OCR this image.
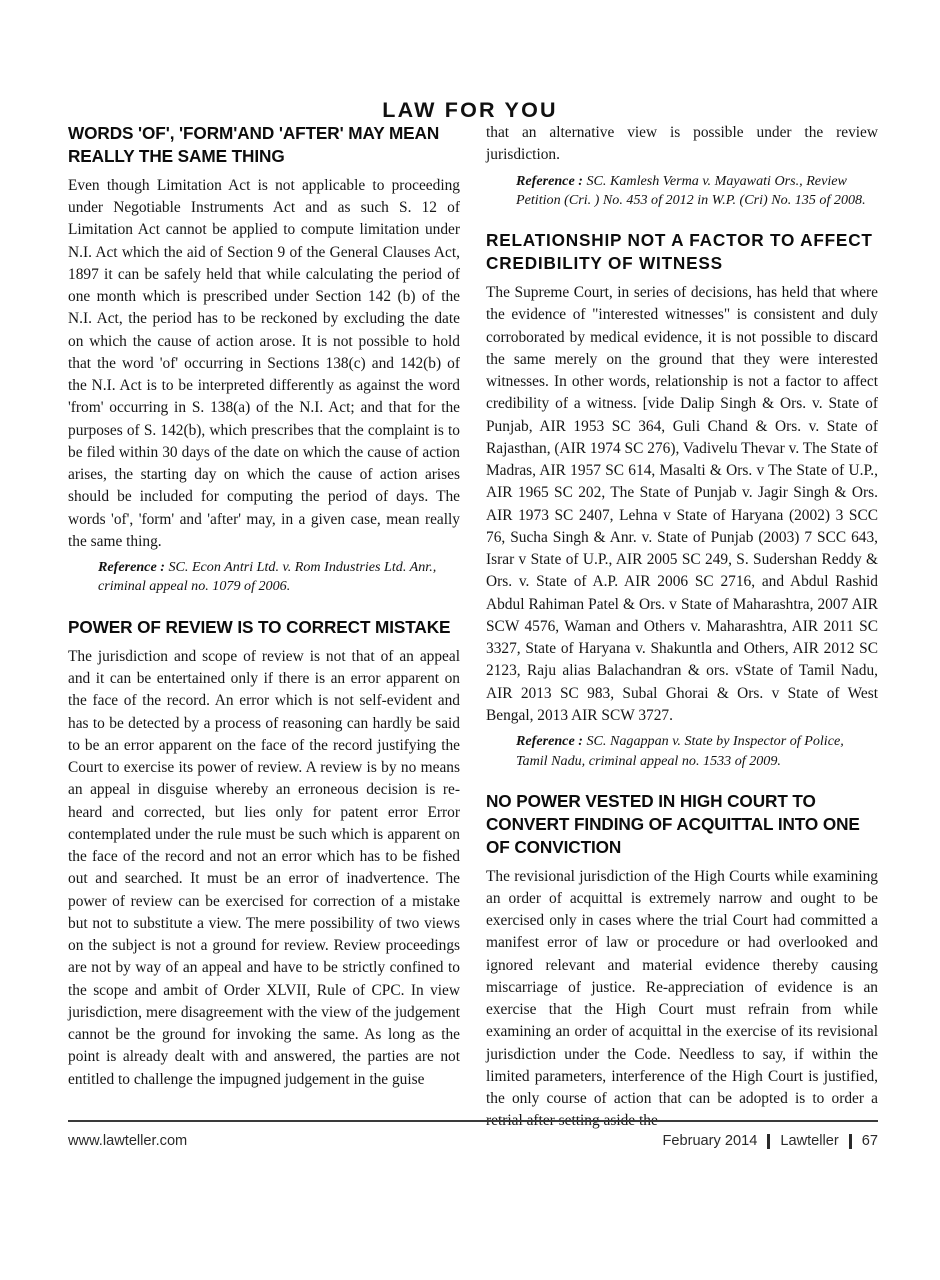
LAW FOR YOU
WORDS 'OF', 'FORM'AND 'AFTER' MAY MEAN REALLY THE SAME THING

Even though Limitation Act is not applicable to proceeding under Negotiable Instruments Act and as such S. 12 of Limitation Act cannot be applied to compute limitation under N.I. Act which the aid of Section 9 of the General Clauses Act, 1897 it can be safely held that while calculating the period of one month which is prescribed under Section 142 (b) of the N.I. Act, the period has to be reckoned by excluding the date on which the cause of action arose. It is not possible to hold that the word 'of' occurring in Sections 138(c) and 142(b) of the N.I. Act is to be interpreted differently as against the word 'from' occurring in S. 138(a) of the N.I. Act; and that for the purposes of S. 142(b), which prescribes that the complaint is to be filed within 30 days of the date on which the cause of action arises, the starting day on which the cause of action arises should be included for computing the period of days. The words 'of', 'form' and 'after' may, in a given case, mean really the same thing.

Reference : SC. Econ Antri Ltd. v. Rom Industries Ltd. Anr., criminal appeal no. 1079 of 2006.
POWER OF REVIEW IS TO CORRECT MISTAKE

The jurisdiction and scope of review is not that of an appeal and it can be entertained only if there is an error apparent on the face of the record. An error which is not self-evident and has to be detected by a process of reasoning can hardly be said to be an error apparent on the face of the record justifying the Court to exercise its power of review. A review is by no means an appeal in disguise whereby an erroneous decision is re-heard and corrected, but lies only for patent error Error contemplated under the rule must be such which is apparent on the face of the record and not an error which has to be fished out and searched. It must be an error of inadvertence. The power of review can be exercised for correction of a mistake but not to substitute a view. The mere possibility of two views on the subject is not a ground for review. Review proceedings are not by way of an appeal and have to be strictly confined to the scope and ambit of Order XLVII, Rule of CPC. In view jurisdiction, mere disagreement with the view of the judgement cannot be the ground for invoking the same. As long as the point is already dealt with and answered, the parties are not entitled to challenge the impugned judgement in the guise

that an alternative view is possible under the review jurisdiction.

Reference : SC. Kamlesh Verma v. Mayawati Ors., Review Petition (Cri. ) No. 453 of 2012 in W.P. (Cri) No. 135 of 2008.
RELATIONSHIP NOT A FACTOR TO AFFECT CREDIBILITY OF WITNESS

The Supreme Court, in series of decisions, has held that where the evidence of "interested witnesses" is consistent and duly corroborated by medical evidence, it is not possible to discard the same merely on the ground that they were interested witnesses. In other words, relationship is not a factor to affect credibility of a witness. [vide Dalip Singh & Ors. v. State of Punjab, AIR 1953 SC 364, Guli Chand & Ors. v. State of Rajasthan, (AIR 1974 SC 276), Vadivelu Thevar v. The State of Madras, AIR 1957 SC 614, Masalti & Ors. v The State of U.P., AIR 1965 SC 202, The State of Punjab v. Jagir Singh & Ors. AIR 1973 SC 2407, Lehna v State of Haryana (2002) 3 SCC 76, Sucha Singh & Anr. v. State of Punjab (2003) 7 SCC 643, Israr v State of U.P., AIR 2005 SC 249, S. Sudershan Reddy & Ors. v. State of A.P. AIR 2006 SC 2716, and Abdul Rashid Abdul Rahiman Patel & Ors. v State of Maharashtra, 2007 AIR SCW 4576, Waman and Others v. Maharashtra, AIR 2011 SC 3327, State of Haryana v. Shakuntla and Others, AIR 2012 SC 2123, Raju alias Balachandran & ors. vState of Tamil Nadu, AIR 2013 SC 983, Subal Ghorai & Ors. v State of West Bengal, 2013 AIR SCW 3727.

Reference : SC. Nagappan v. State by Inspector of Police, Tamil Nadu, criminal appeal no. 1533 of 2009.
NO POWER VESTED IN HIGH COURT TO CONVERT FINDING OF ACQUITTAL INTO ONE OF CONVICTION

The revisional jurisdiction of the High Courts while examining an order of acquittal is extremely narrow and ought to be exercised only in cases where the trial Court had committed a manifest error of law or procedure or had overlooked and ignored relevant and material evidence thereby causing miscarriage of justice. Re-appreciation of evidence is an exercise that the High Court must refrain from while examining an order of acquittal in the exercise of its revisional jurisdiction under the Code. Needless to say, if within the limited parameters, interference of the High Court is justified, the only course of action that can be adopted is to order a retrial after setting aside the

www.lawteller.com	February 2014 Lawteller 67
